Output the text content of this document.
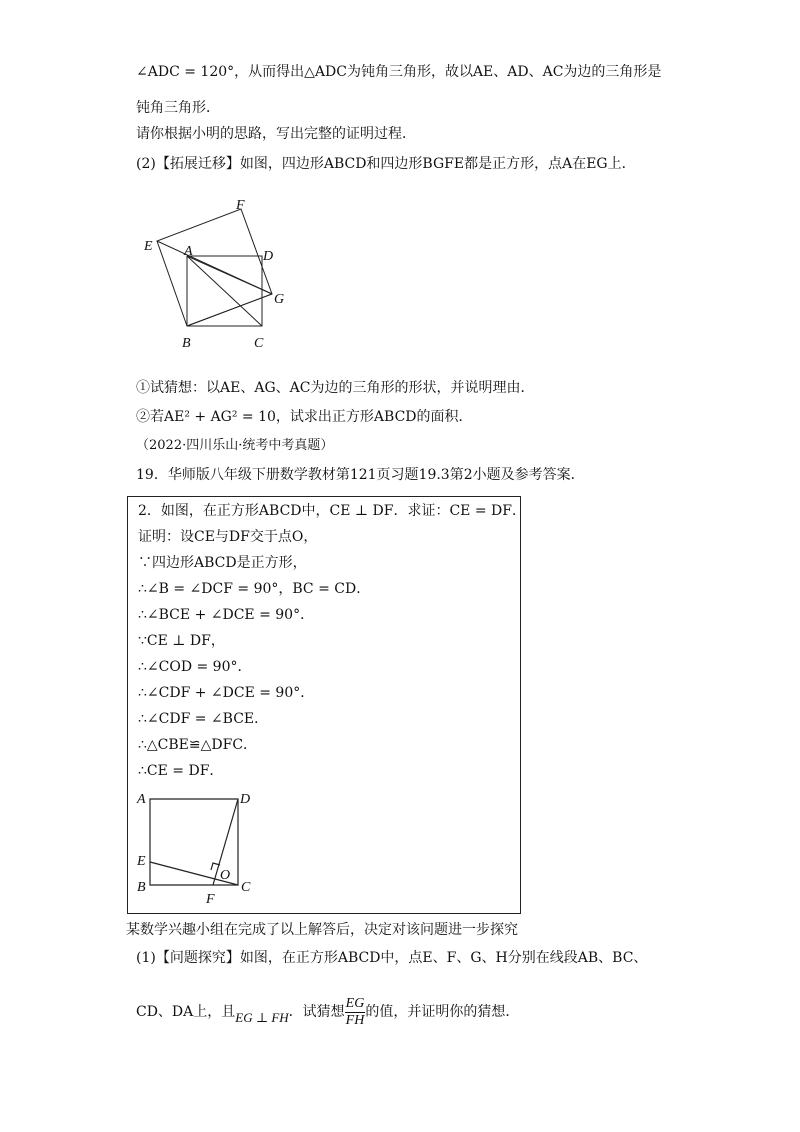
∠ADC = 120°，从而得出△ADC为钝角三角形，故以AE、AD、AC为边的三角形是
钝角三角形．
请你根据小明的思路，写出完整的证明过程．
(2)【拓展迁移】如图，四边形ABCD和四边形BGFE都是正方形，点A在EG上．
E
F
A	D
G
B	C
①试猜想：以AE、AG、AC为边的三角形的形状，并说明理由．
②若AE² + AG² = 10，试求出正方形ABCD的面积．
（2022·四川乐山·统考中考真题）
19．华师版八年级下册数学教材第121页习题19.3第2小题及参考答案．
2．如图，在正方形ABCD中，CE ⊥ DF．求证：CE = DF．
证明：设CE与DF交于点O，
∵四边形ABCD是正方形，
∴∠B = ∠DCF = 90°，BC = CD．
∴∠BCE + ∠DCE = 90°．
∵CE ⊥ DF，
∴∠COD = 90°．
∴∠CDF + ∠DCE = 90°．
∴∠CDF = ∠BCE．
∴△CBE≌△DFC．
∴CE = DF．
A	D
E
O
B
F
C
某数学兴趣小组在完成了以上解答后，决定对该问题进一步探究
(1)【问题探究】如图，在正方形ABCD中，点E、F、G、H分别在线段AB、BC、
CD、DA上，且EG ⊥ FH．试猜想 $\frac{EG}{FH}$ 的值，并证明你的猜想．
